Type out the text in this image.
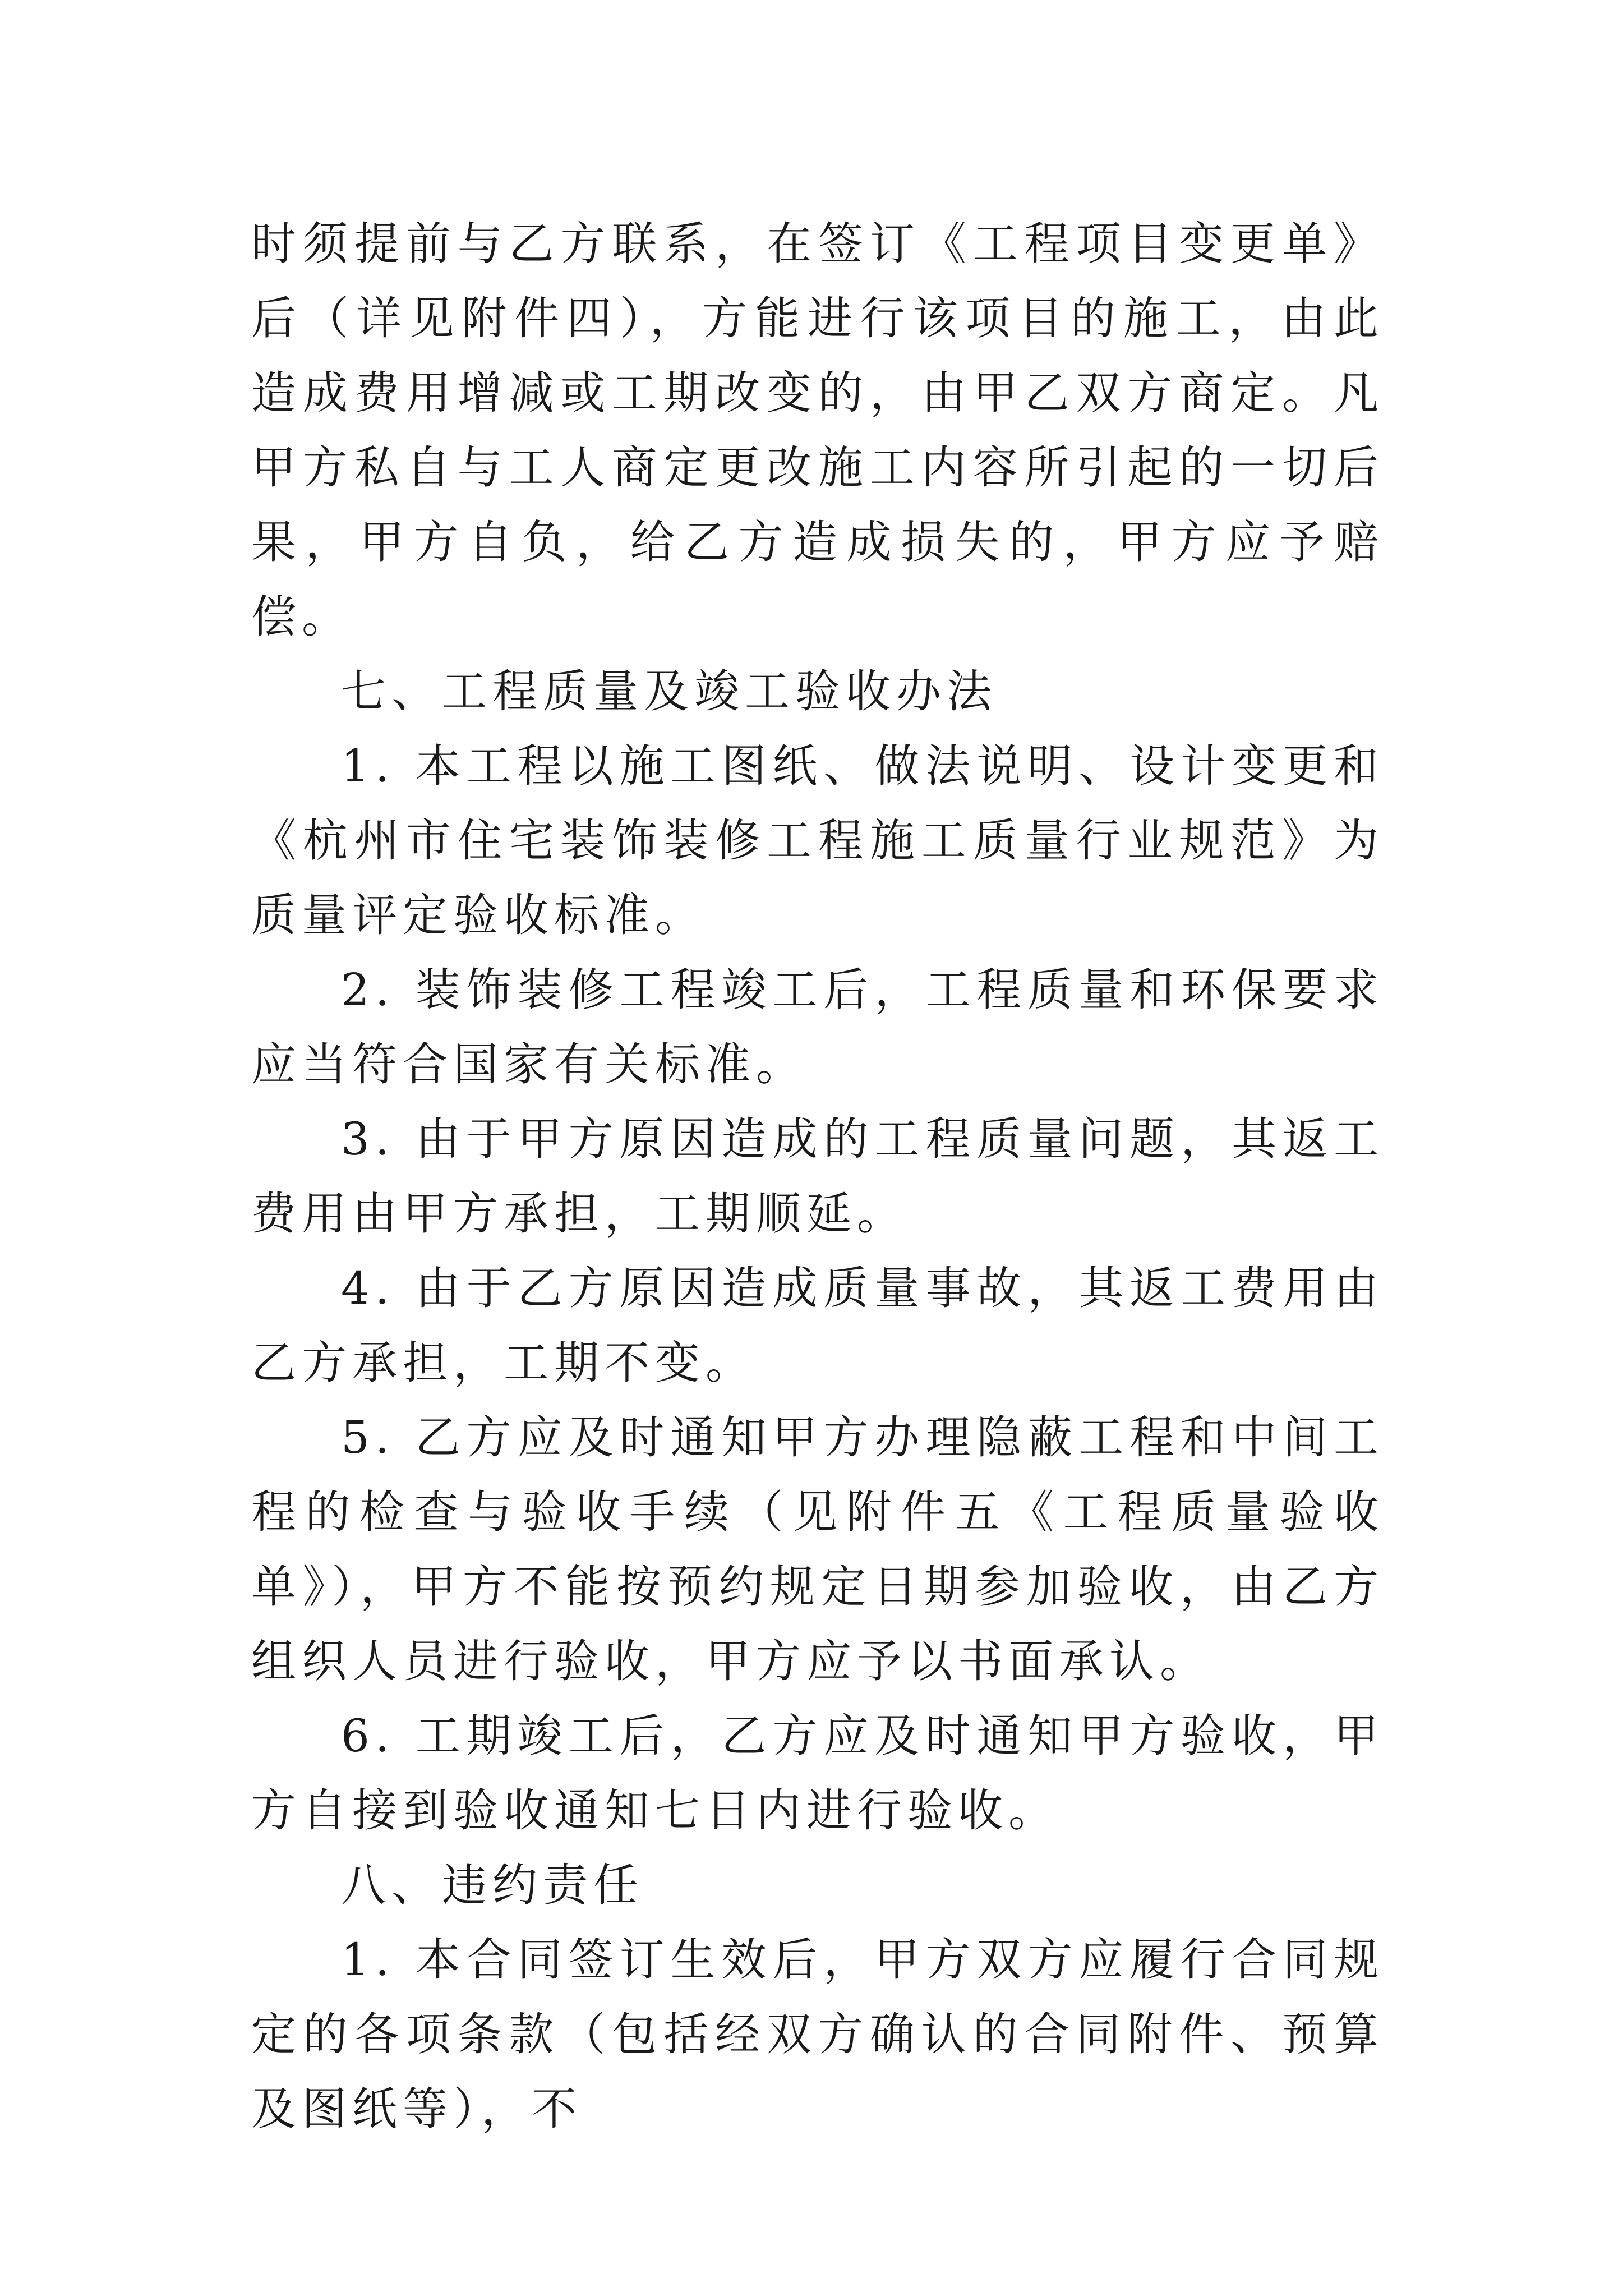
时须提前与乙方联系，在签订《工程项目变更单》后（详见附件四），方能进行该项目的施工，由此造成费用增减或工期改变的，由甲乙双方商定。凡甲方私自与工人商定更改施工内容所引起的一切后果，甲方自负，给乙方造成损失的，甲方应予赔偿。

七、工程质量及竣工验收办法

1. 本工程以施工图纸、做法说明、设计变更和《杭州市住宅装饰装修工程施工质量行业规范》为质量评定验收标准。

2. 装饰装修工程竣工后，工程质量和环保要求应当符合国家有关标准。

3. 由于甲方原因造成的工程质量问题，其返工费用由甲方承担，工期顺延。

4. 由于乙方原因造成质量事故，其返工费用由乙方承担，工期不变。

5. 乙方应及时通知甲方办理隐蔽工程和中间工程的检查与验收手续（见附件五《工程质量验收单》），甲方不能按预约规定日期参加验收，由乙方组织人员进行验收，甲方应予以书面承认。

6. 工期竣工后，乙方应及时通知甲方验收，甲方自接到验收通知七日内进行验收。

八、违约责任

1. 本合同签订生效后，甲方双方应履行合同规定的各项条款（包括经双方确认的合同附件、预算及图纸等），不
